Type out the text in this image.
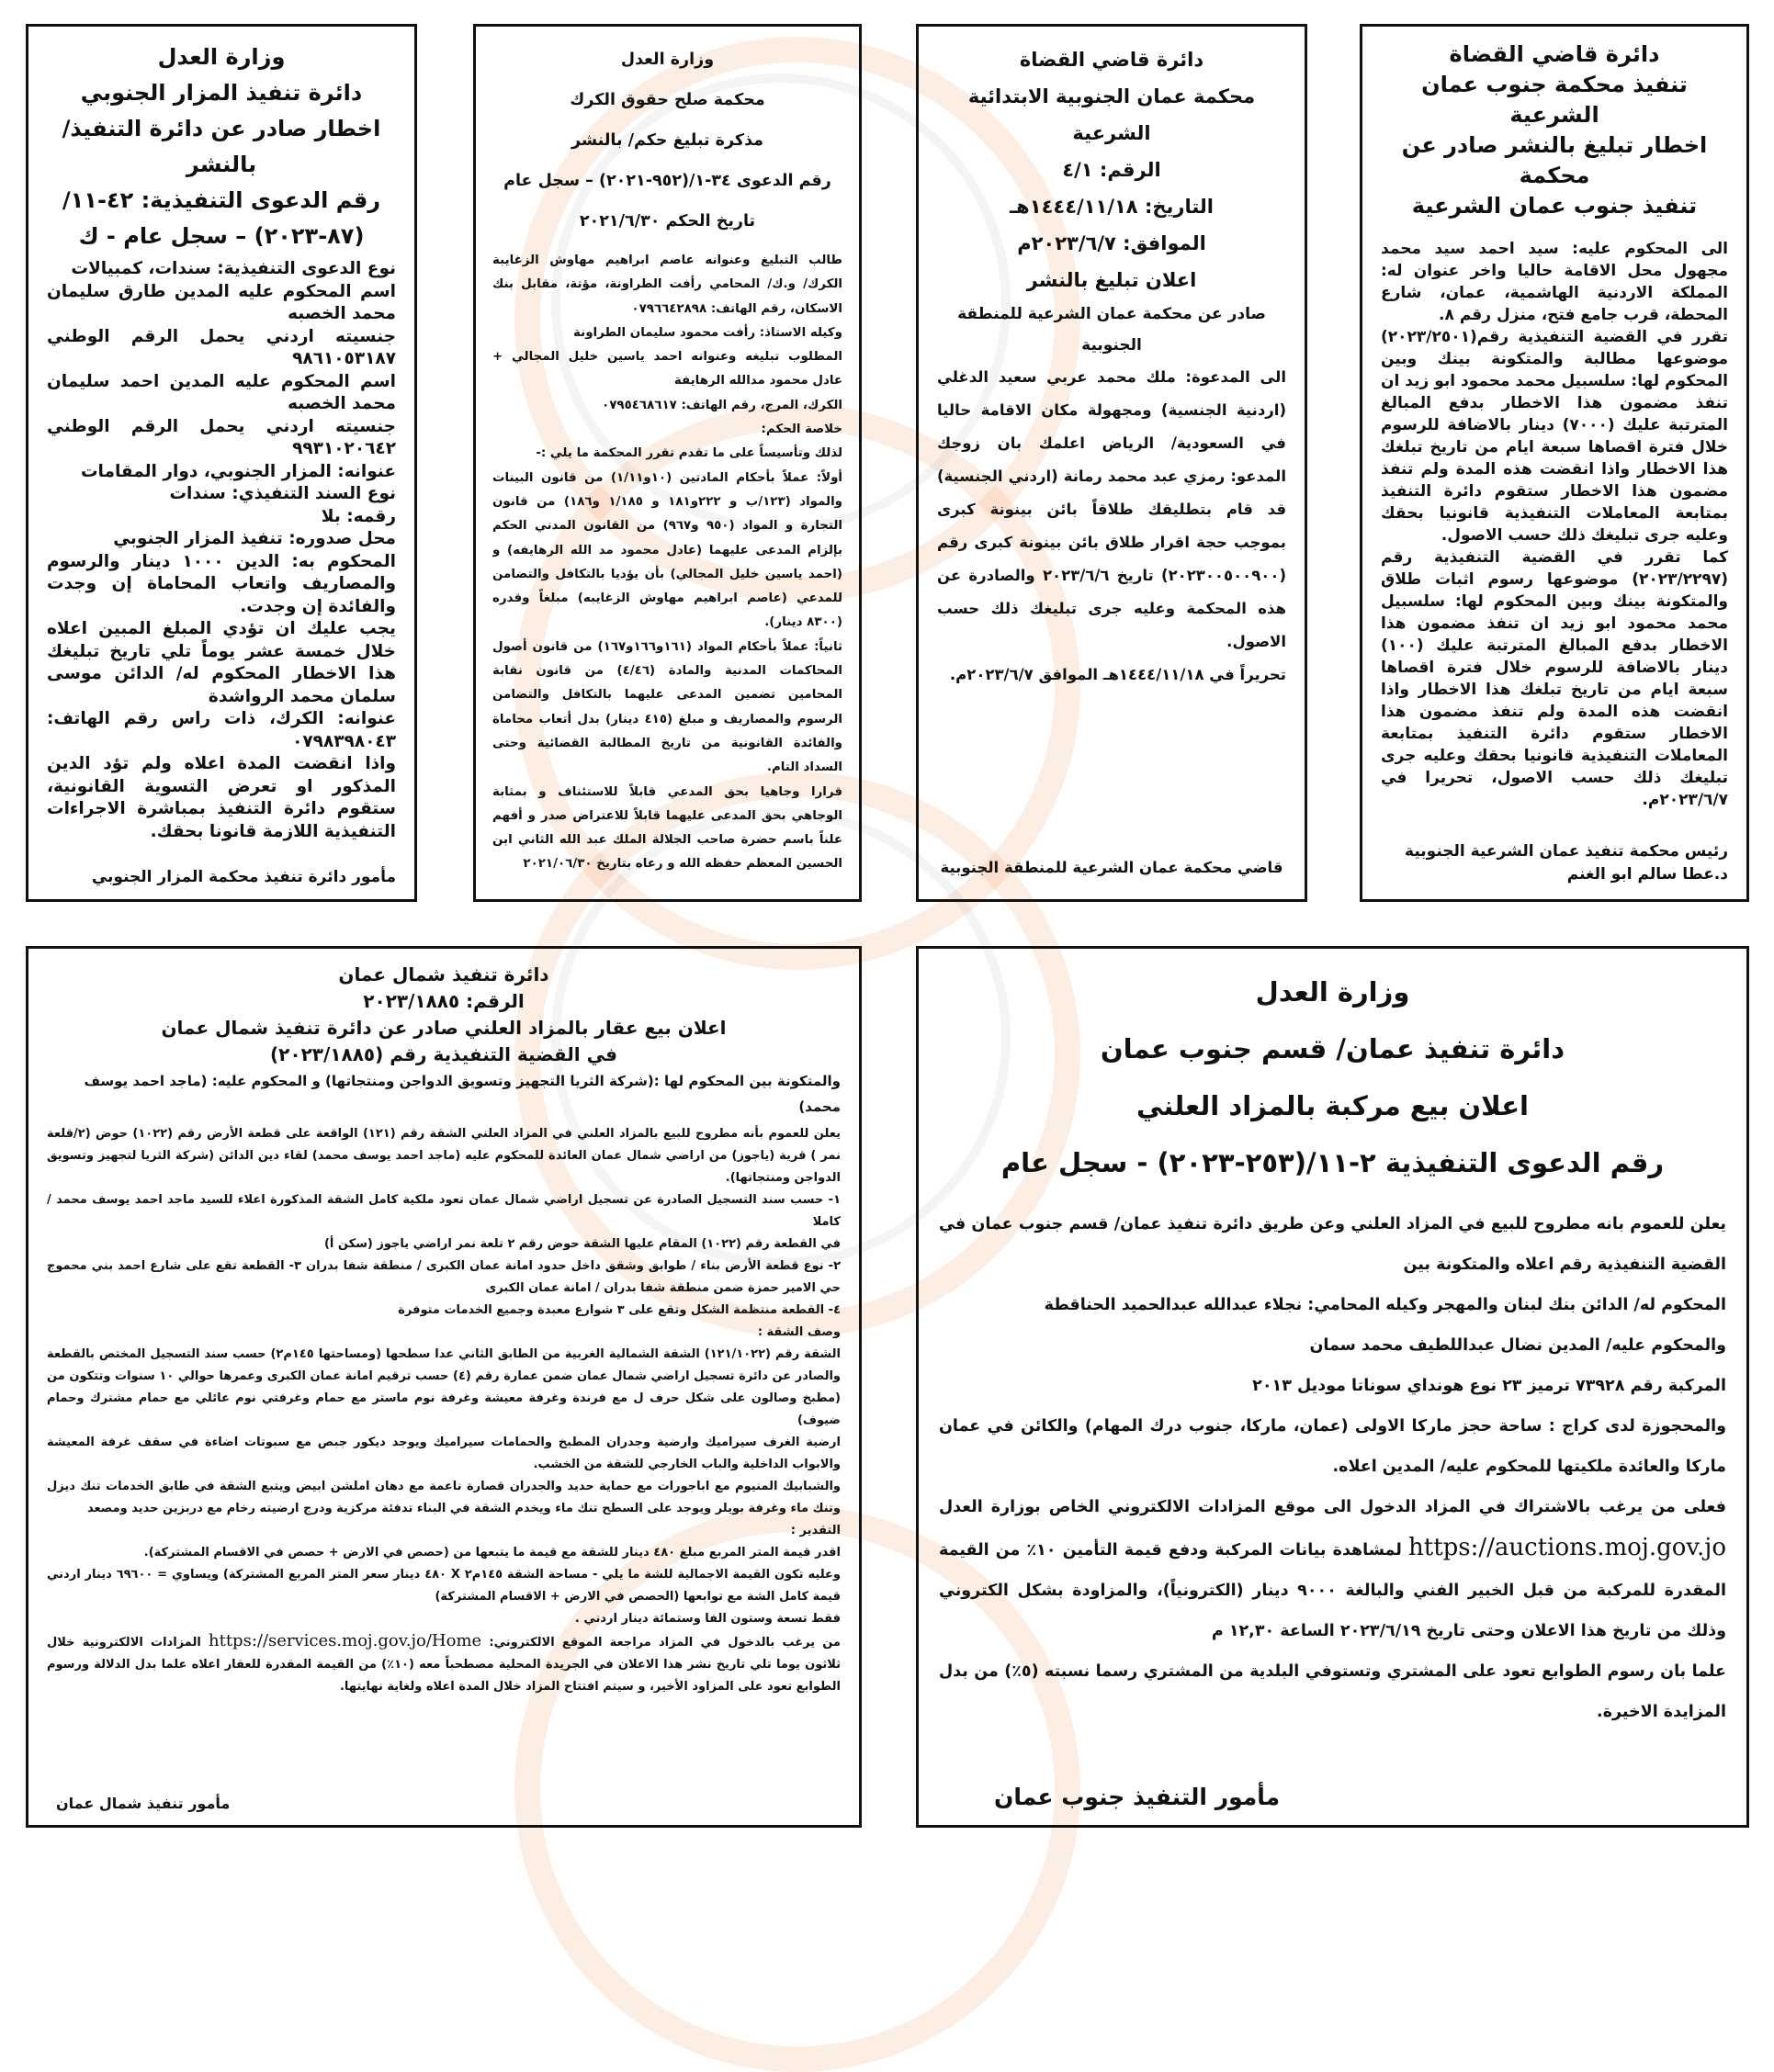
دائرة قاضي القضاة

تنفيذ محكمة جنوب عمان الشرعية

اخطار تبليغ بالنشر صادر عن محكمة

تنفيذ جنوب عمان الشرعية

الى المحكوم عليه: سيد احمد سيد محمد مجهول محل الاقامة حاليا واخر عنوان له: المملكة الاردنية الهاشمية، عمان، شارع المحطة، قرب جامع فتح، منزل رقم ٨.

تقرر في القضية التنفيذية رقم(٢٠٢٣/٢٥٠١) موضوعها مطالبة والمتكونة بينك وبين المحكوم لها: سلسبيل محمد محمود ابو زيد ان تنفذ مضمون هذا الاخطار بدفع المبالغ المترتبة عليك (٧٠٠٠) دينار بالاضافة للرسوم خلال فترة اقصاها سبعة ايام من تاريخ تبلغك هذا الاخطار واذا انقضت هذه المدة ولم تنفذ مضمون هذا الاخطار ستقوم دائرة التنفيذ بمتابعة المعاملات التنفيذية قانونيا بحقك وعليه جرى تبليغك ذلك حسب الاصول.

كما تقرر في القضية التنفيذية رقم (٢٠٢٣/٢٢٩٧) موضوعها رسوم اثبات طلاق والمتكونة بينك وبين المحكوم لها: سلسبيل محمد محمود ابو زيد ان تنفذ مضمون هذا الاخطار بدفع المبالغ المترتبة عليك (١٠٠) دينار بالاضافة للرسوم خلال فترة اقصاها سبعة ايام من تاريخ تبلغك هذا الاخطار واذا انقضت هذه المدة ولم تنفذ مضمون هذا الاخطار ستقوم دائرة التنفيذ بمتابعة المعاملات التنفيذية قانونيا بحقك وعليه جرى تبليغك ذلك حسب الاصول، تحريرا في ٢٠٢٣/٦/٧م.

رئيس محكمة تنفيذ عمان الشرعية الجنوبية

د.عطا سالم ابو الغنم

دائرة قاضي القضاة

محكمة عمان الجنوبية الابتدائية الشرعية

الرقم: ٤/١

التاريخ: ١٤٤٤/١١/١٨هـ

الموافق: ٢٠٢٣/٦/٧م

اعلان تبليغ بالنشر

صادر عن محكمة عمان الشرعية للمنطقة الجنوبية

الى المدعوة: ملك محمد عربي سعيد الدغلي (اردنية الجنسية) ومجهولة مكان الاقامة حاليا في السعودية/ الرياض اعلمك بان زوجك المدعو: رمزي عبد محمد رمانة (اردني الجنسية) قد قام بتطليقك طلاقاً بائن بينونة كبرى بموجب حجة اقرار طلاق بائن بينونة كبرى رقم (٢٠٢٣٠٠٥٠٠٩٠٠) تاريخ ٢٠٢٣/٦/٦ والصادرة عن هذه المحكمة وعليه جرى تبليغك ذلك حسب الاصول.

تحريراً في ١٤٤٤/١١/١٨هـ الموافق ٢٠٢٣/٦/٧م.

قاضي محكمة عمان الشرعية للمنطقة الجنوبية

وزارة العدل

محكمة صلح حقوق الكرك

مذكرة تبليغ حكم/ بالنشر

رقم الدعوى ٣٤-١/(٩٥٢-٢٠٢١) – سجل عام

تاريخ الحكم ٢٠٢١/٦/٣٠

طالب التبليغ وعنوانه عاصم ابراهيم مهاوش الزغايبة الكرك/ و.ك/ المحامي رأفت الطراونة، مؤتة، مقابل بنك الاسكان، رقم الهاتف: ٠٧٩٦٦٤٢٨٩٨

وكيله الاستاذ: رأفت محمود سليمان الطراونة

المطلوب تبليغه وعنوانه احمد ياسين خليل المجالي + عادل محمود مدالله الرهايفة

الكرك، المرج، رقم الهاتف: ٠٧٩٥٤٦٨٦١٧

خلاصة الحكم:

لذلك وتأسيساً على ما تقدم تقرر المحكمة ما يلي :-

أولاً: عملاً بأحكام المادتين (١٠و١/١١) من قانون البينات والمواد (١٢٣/ب و ٢٢٢و١٨١ و ١/١٨٥ و١٨٦) من قانون التجارة و المواد (٩٥٠ و٩٦٧) من القانون المدني الحكم بإلزام المدعى عليهما (عادل محمود مد الله الرهايفه) و (احمد ياسين خليل المجالي) بأن يؤديا بالتكافل والتضامن للمدعي (عاصم ابراهيم مهاوش الزغايبه) مبلغاً وقدره (٨٣٠٠ دينار).

ثانياً: عملاً بأحكام المواد (١٦١و١٦٦و١٦٧) من قانون أصول المحاكمات المدنية والمادة (٤/٤٦) من قانون نقابة المحامين تضمين المدعى عليهما بالتكافل والتضامن الرسوم والمصاريف و مبلغ (٤١٥ دينار) بدل أتعاب محاماة والفائدة القانونية من تاريخ المطالبة القضائية وحتى السداد التام.

قرارا وجاهيا بحق المدعي قابلاً للاستئناف و بمثابة الوجاهي بحق المدعى عليهما قابلاً للاعتراض صدر و أفهم علناً باسم حضرة صاحب الجلالة الملك عبد الله الثاني ابن الحسين المعظم حفظه الله و رعاه بتاريخ ٢٠٢١/٠٦/٣٠

وزارة العدل

دائرة تنفيذ المزار الجنوبي

اخطار صادر عن دائرة التنفيذ/ بالنشر

رقم الدعوى التنفيذية: ٤٢-١١/

(٨٧-٢٠٢٣) – سجل عام - ك

نوع الدعوى التنفيذية: سندات، كمبيالات

اسم المحكوم عليه المدين طارق سليمان محمد الخصبه

جنسيته اردني يحمل الرقم الوطني ٩٨٦١٠٥٣١٨٧

اسم المحكوم عليه المدين احمد سليمان محمد الخصبه

جنسيته اردني يحمل الرقم الوطني ٩٩٣١٠٢٠٦٤٢

عنوانه: المزار الجنوبي، دوار المقامات

نوع السند التنفيذي: سندات

رقمه: بلا

محل صدوره: تنفيذ المزار الجنوبي

المحكوم به: الدين ١٠٠٠ دينار والرسوم والمصاريف واتعاب المحاماة إن وجدت والفائدة إن وجدت.

يجب عليك ان تؤدي المبلغ المبين اعلاه خلال خمسة عشر يوماً تلي تاريخ تبليغك هذا الاخطار المحكوم له/ الدائن موسى سلمان محمد الرواشدة

عنوانه: الكرك، ذات راس رقم الهاتف: ٠٧٩٨٣٩٨٠٤٣

واذا انقضت المدة اعلاه ولم تؤد الدين المذكور او تعرض التسوية القانونية، ستقوم دائرة التنفيذ بمباشرة الاجراءات التنفيذية اللازمة قانونا بحقك.

مأمور دائرة تنفيذ محكمة المزار الجنوبي

وزارة العدل

دائرة تنفيذ عمان/ قسم جنوب عمان

اعلان بيع مركبة بالمزاد العلني

رقم الدعوى التنفيذية ٢-١١/(٢٥٣-٢٠٢٣) - سجل عام

يعلن للعموم بانه مطروح للبيع في المزاد العلني وعن طريق دائرة تنفيذ عمان/ قسم جنوب عمان في القضية التنفيذية رقم اعلاه والمتكونة بين

المحكوم له/ الدائن بنك لبنان والمهجر وكيله المحامي: نجلاء عبدالله عبدالحميد الحناقطة

والمحكوم عليه/ المدين نضال عبداللطيف محمد سمان

المركبة رقم ٧٣٩٢٨ ترميز ٢٣ نوع هونداي سوناتا موديل ٢٠١٣

والمحجوزة لدى كراج : ساحة حجز ماركا الاولى (عمان، ماركا، جنوب درك المهام) والكائن في عمان ماركا والعائدة ملكيتها للمحكوم عليه/ المدين اعلاه.

فعلى من يرغب بالاشتراك في المزاد الدخول الى موقع المزادات الالكتروني الخاص بوزارة العدل https://auctions.moj.gov.jo لمشاهدة بيانات المركبة ودفع قيمة التأمين ١٠٪ من القيمة المقدرة للمركبة من قبل الخبير الفني والبالغة ٩٠٠٠ دينار (الكترونياً)، والمزاودة بشكل الكتروني وذلك من تاريخ هذا الاعلان وحتى تاريخ ٢٠٢٣/٦/١٩ الساعة ١٢,٣٠ م

علما بان رسوم الطوابع تعود على المشتري وتستوفي البلدية من المشتري رسما نسبته (٥٪) من بدل المزايدة الاخيرة.

مأمور التنفيذ جنوب عمان

دائرة تنفيذ شمال عمان

الرقم: ٢٠٢٣/١٨٨٥

اعلان بيع عقار بالمزاد العلني صادر عن دائرة تنفيذ شمال عمان

في القضية التنفيذية رقم (٢٠٢٣/١٨٨٥)

والمتكونة بين المحكوم لها :(شركة الثريا التجهيز وتسويق الدواجن ومنتجاتها) و المحكوم عليه: (ماجد احمد يوسف محمد)

يعلن للعموم بأنه مطروح للبيع بالمزاد العلني في المزاد العلني الشقة رقم (١٢١) الواقعة على قطعة الأرض رقم (١٠٢٢) حوض (٢/قلعة نمر ) قرية (ياجوز) من اراضي شمال عمان العائدة للمحكوم عليه (ماجد احمد يوسف محمد) لقاء دين الدائن (شركة الثريا لتجهيز وتسويق الدواجن ومنتجاتها).

١- حسب سند التسجيل الصادرة عن تسجيل اراضي شمال عمان تعود ملكية كامل الشقة المذكورة اعلاء للسيد ماجد احمد يوسف محمد / كاملا

في القطعة رقم (١٠٢٢) المقام عليها الشقة حوض رقم ٢ تلعة نمر اراضي ياجوز (سكن أ)

٢- نوع قطعة الأرض بناء / طوابق وشقق داخل حدود امانة عمان الكبرى / منطقة شفا بدران ٣- القطعة تقع على شارع احمد بني محموج حي الامير حمزة ضمن منطقة شفا بدران / امانة عمان الكبرى

٤- القطعة منتظمة الشكل وتقع على ٣ شوارع معبدة وجميع الخدمات متوفرة

وصف الشقة :

الشقة رقم (١٢١/١٠٢٢) الشقة الشمالية الغربية من الطابق الثاني عدا سطحها (ومساحتها ١٤٥م٢) حسب سند التسجيل المختص بالقطعة والصادر عن دائرة تسجيل اراضي شمال عمان ضمن عمارة رقم (٤) حسب ترقيم امانة عمان الكبرى وعمرها حوالي ١٠ سنوات وتتكون من (مطبخ وصالون على شكل حرف ل مع فرندة وغرفة معيشة وغرفة نوم ماستر مع حمام وغرفتي نوم عائلي مع حمام مشترك وحمام ضيوف)

ارضية الغرف سيراميك وارضية وجدران المطبخ والحمامات سيراميك ويوجد ديكور جبص مع سبوتات اضاءة في سقف غرفة المعيشة والابواب الداخلية والباب الخارجي للشقة من الخشب.

والشبابيك المنيوم مع اباجورات مع حماية حديد والجدران قصارة ناعمة مع دهان املشن ابيض ويتبع الشقة في طابق الخدمات تنك ديزل وتنك ماء وغرفة بويلر ويوجد على السطح تنك ماء ويخدم الشقة في البناء تدفئة مركزية ودرج ارضيته رخام مع دربزين حديد ومصعد

التقدير :

اقدر قيمة المتر المربع مبلغ ٤٨٠ دينار للشقة مع قيمة ما يتبعها من (حصص في الارض + حصص في الاقسام المشتركة).

وعليه تكون القيمة الاجمالية للشة ما يلي - مساحة الشقة ١٤٥م٢ X ٤٨٠ دينار سعر المتر المربع المشتركة) ويساوي = ٦٩٦٠٠ دينار اردني قيمة كامل الشة مع توابعها (الحصص في الارض + الاقسام المشتركة)

فقط تسعة وستون الفا وستمائة دينار اردني .

من يرغب بالدخول في المزاد مراجعة الموقع الالكتروني: https://services.moj.gov.jo/Home المزادات الالكترونية خلال ثلاثون يوما تلي تاريخ نشر هذا الاعلان في الجريدة المحلية مصطحباً معه (١٠٪) من القيمة المقدرة للعقار اعلاه علما بدل الدلالة ورسوم الطوابع تعود على المزاود الأخير، و سيتم افتتاح المزاد خلال المدة اعلاه ولغاية نهايتها.

مأمور تنفيذ شمال عمان
